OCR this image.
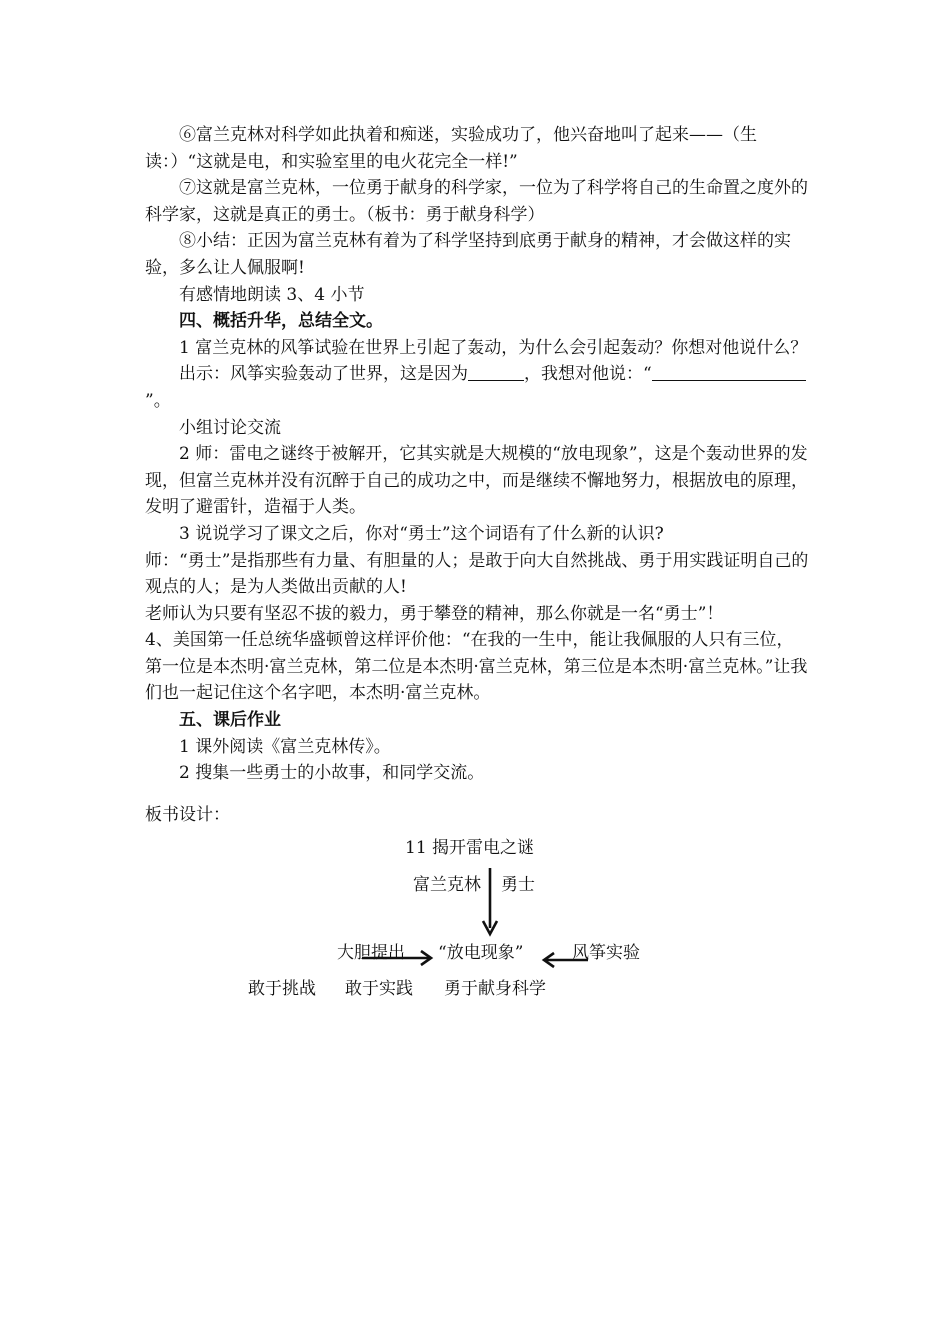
⑥富兰克林对科学如此执着和痴迷，实验成功了，他兴奋地叫了起来——（生读：）“这就是电，和实验室里的电火花完全一样!”

⑦这就是富兰克林，一位勇于献身的科学家，一位为了科学将自己的生命置之度外的科学家，这就是真正的勇士。（板书：勇于献身科学）

⑧小结：正因为富兰克林有着为了科学坚持到底勇于献身的精神，才会做这样的实验，多么让人佩服啊!

有感情地朗读 3、4 小节

四、概括升华，总结全文。

1 富兰克林的风筝试验在世界上引起了轰动，为什么会引起轰动？你想对他说什么？

出示：风筝实验轰动了世界，这是因为	，我想对他说：“”。

小组讨论交流

2 师：雷电之谜终于被解开，它其实就是大规模的“放电现象”，这是个轰动世界的发现，但富兰克林并没有沉醉于自己的成功之中，而是继续不懈地努力，根据放电的原理，发明了避雷针，造福于人类。

3 说说学习了课文之后，你对“勇士”这个词语有了什么新的认识?

师：“勇士”是指那些有力量、有胆量的人；是敢于向大自然挑战、勇于用实践证明自己的观点的人；是为人类做出贡献的人!

老师认为只要有坚忍不拔的毅力，勇于攀登的精神，那么你就是一名“勇士”！

4、美国第一任总统华盛顿曾这样评价他：“在我的一生中，能让我佩服的人只有三位，第一位是本杰明·富兰克林，第二位是本杰明·富兰克林，第三位是本杰明·富兰克林。”让我们也一起记住这个名字吧，本杰明·富兰克林。

五、课后作业

1 课外阅读《富兰克林传》。

2 搜集一些勇士的小故事，和同学交流。

板书设计：
11 揭开雷电之谜
富兰克林 勇士
大胆提出 “放电现象”	风筝实验
敢于挑战 敢于实践 勇于献身科学
